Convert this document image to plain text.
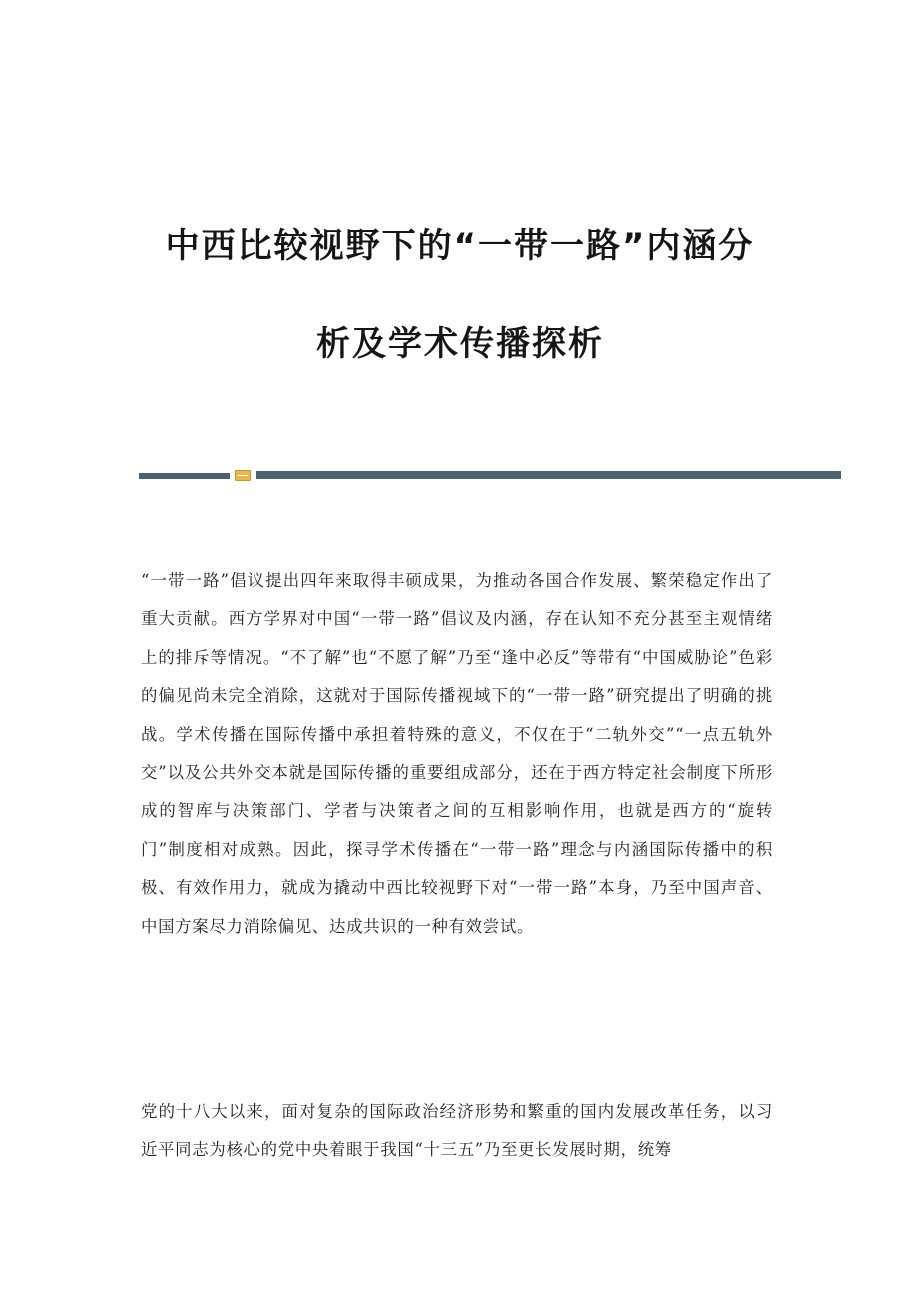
中西比较视野下的“一带一路”内涵分
析及学术传播探析

“一带一路”倡议提出四年来取得丰硕成果，为推动各国合作发展、繁荣稳定作出了重大贡献。西方学界对中国“一带一路”倡议及内涵，存在认知不充分甚至主观情绪上的排斥等情况。“不了解”也“不愿了解”乃至“逢中必反”等带有“中国威胁论”色彩的偏见尚未完全消除，这就对于国际传播视域下的“一带一路”研究提出了明确的挑战。学术传播在国际传播中承担着特殊的意义，不仅在于“二轨外交”“一点五轨外交”以及公共外交本就是国际传播的重要组成部分，还在于西方特定社会制度下所形成的智库与决策部门、学者与决策者之间的互相影响作用，也就是西方的“旋转门”制度相对成熟。因此，探寻学术传播在“一带一路”理念与内涵国际传播中的积极、有效作用力，就成为撬动中西比较视野下对“一带一路”本身，乃至中国声音、中国方案尽力消除偏见、达成共识的一种有效尝试。

党的十八大以来，面对复杂的国际政治经济形势和繁重的国内发展改革任务，以习近平同志为核心的党中央着眼于我国“十三五”乃至更长发展时期，统筹
